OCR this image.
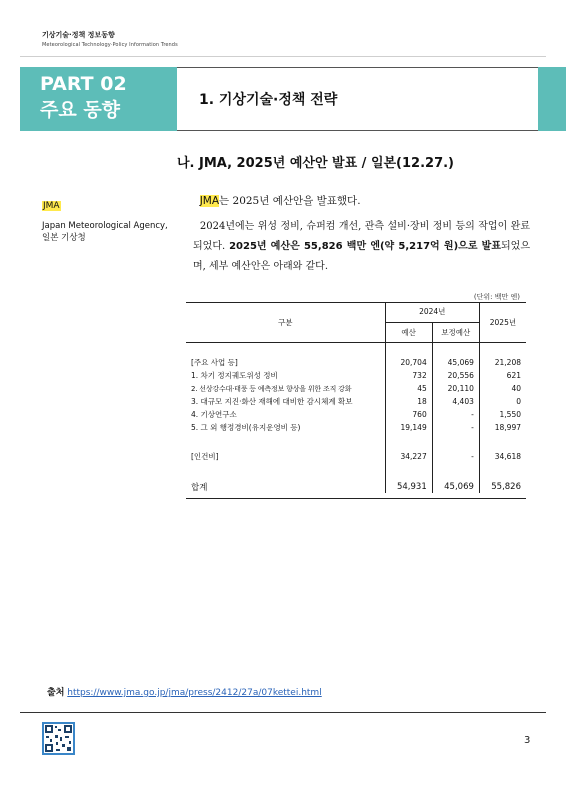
기상기술·정책 정보동향
Meteorological Technology·Policy Information Trends
PART 02
주요 동향	1. 기상기술·정책 전략
나. JMA, 2025년 예산안 발표 / 일본(12.27.)
JMA
Japan Meteorological Agency,
일본 기상청
JMA는 2025년 예산안을 발표했다.
2024년에는 위성 정비, 슈퍼컴 개선, 관측 설비·장비 정비 등의 작업이 완료되었다. 2025년 예산은 55,826 백만 엔(약 5,217억 원)으로 발표되었으며, 세부 예산안은 아래와 같다.
(단위: 백만 엔)
구분	2024년		2025년
	예산	보정예산	

[주요 사업 등]	20,704	45,069	21,208
1. 차기 정지궤도위성 정비	732	20,556	621
2. 선상강수대·태풍 등 예측정보 향상을 위한 조직 강화	45	20,110	40
3. 대규모 지진·화산 재해에 대비한 감시체계 확보	18	4,403	0
4. 기상연구소	760	-	1,550
5. 그 외 행정경비(유지운영비 등)	19,149	-	18,997

[인건비]	34,227	-	34,618

합계	54,931	45,069	55,826
출처 https://www.jma.go.jp/jma/press/2412/27a/07kettei.html
3
